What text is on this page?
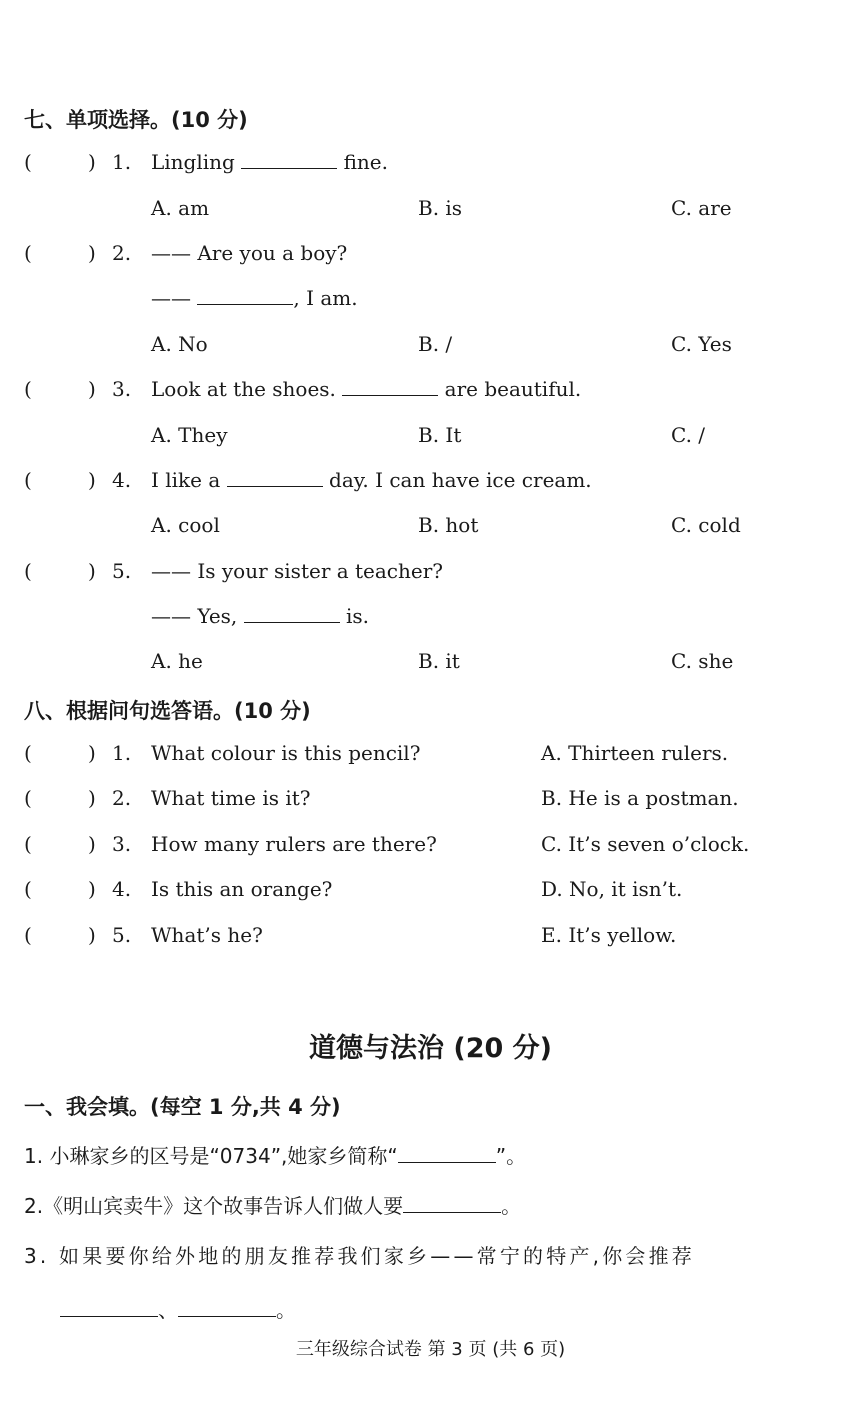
七、单项选择。(10 分)
(	) 1. Lingling	fine.
A. am	B. is	C. are
(	) 2. —— Are you a boy?
——	, I am.
A. No	B. /	C. Yes
(	) 3. Look at the shoes.	are beautiful.
A. They	B. It	C. /
(	) 4. I like a	day. I can have ice cream.
A. cool	B. hot	C. cold
(	) 5. —— Is your sister a teacher?
—— Yes,	is.
A. he	B. it	C. she
八、根据问句选答语。(10 分)
(	) 1. What colour is this pencil?	A. Thirteen rulers.
(	) 2. What time is it?	B. He is a postman.
(	) 3. How many rulers are there?	C. It’s seven o’clock.
(	) 4. Is this an orange?	D. No, it isn’t.
(	) 5. What’s he?	E. It’s yellow.
道德与法治 (20 分)
一、我会填。(每空 1 分,共 4 分)
1. 小琳家乡的区号是“0734”,她家乡简称“	”。
2.《明山宾卖牛》这个故事告诉人们做人要	。
3. 如果要你给外地的朋友推荐我们家乡——常宁的特产,你会推荐
、	。
三年级综合试卷 第 3 页 (共 6 页)
